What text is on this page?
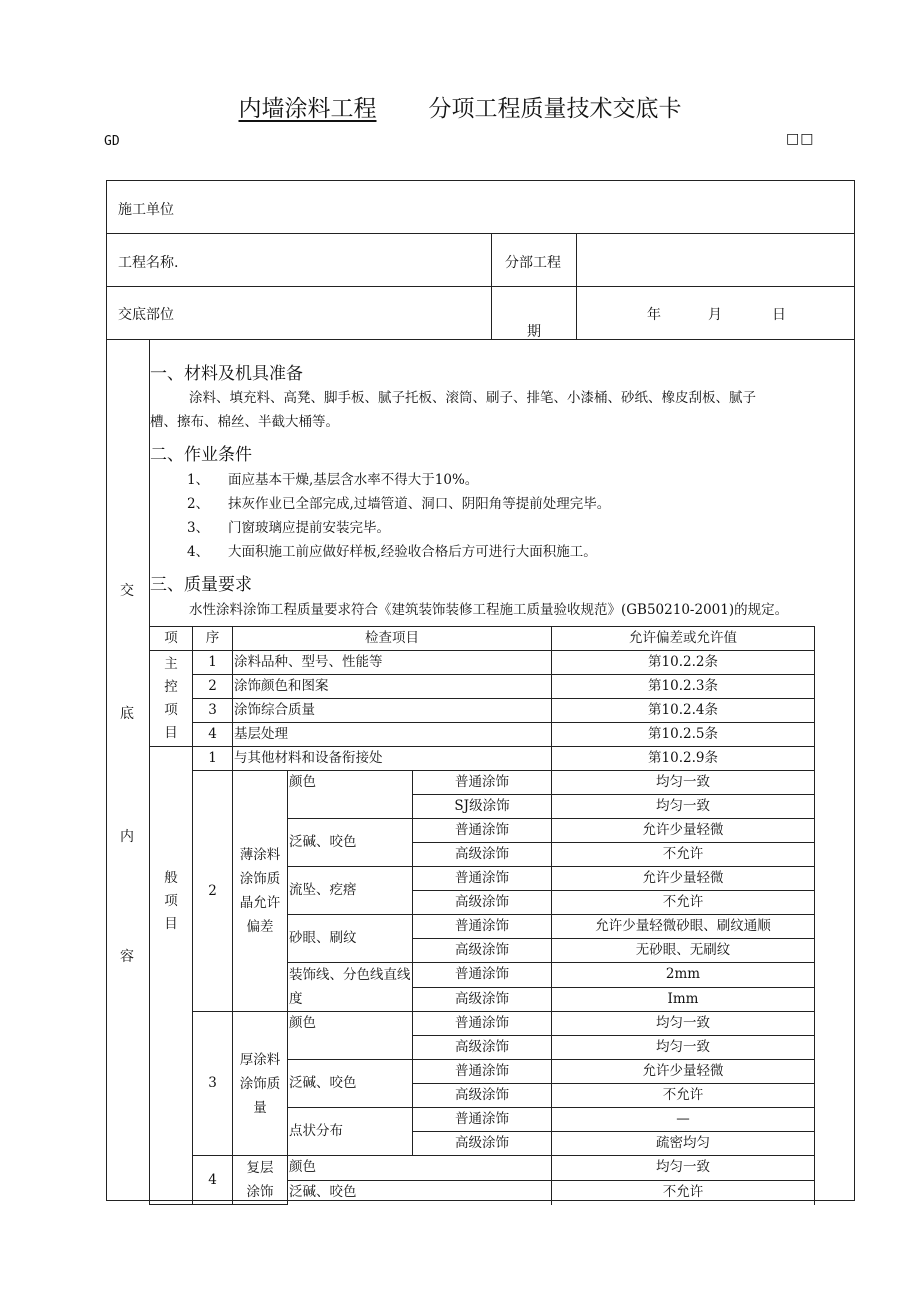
内墙涂料工程 分项工程质量技术交底卡
GD	□□
施工单位
工程名称.	分部工程
交底部位
期
年	月	日
交
底
内
容
一、材料及机具准备
涂料、填充料、高凳、脚手板、腻子托板、滚筒、刷子、排笔、小漆桶、砂纸、橡皮刮板、腻子
槽、擦布、棉丝、半截大桶等。
二、作业条件
1、 面应基本干燥,基层含水率不得大于10%。
2、 抹灰作业已全部完成,过墙管道、洞口、阴阳角等提前处理完毕。
3、 门窗玻璃应提前安装完毕。
4、 大面积施工前应做好样板,经验收合格后方可进行大面积施工。
三、质量要求
水性涂料涂饰工程质量要求符合《建筑装饰装修工程施工质量验收规范》(GB50210-2001)的规定。
项	序	检查项目			允许偏差或允许值
主控项目	1	涂料品种、型号、性能等			第10.2.2条
	2	涂饰颜色和图案			第10.2.3条
	3	涂饰综合质量			第10.2.4条
	4	基层处理			第10.2.5条
般项目	1	与其他材料和设备衔接处			第10.2.9条
	2	薄涂料涂饰质晶允许偏差	颜色	普通涂饰	均匀一致
				SJ级涂饰	均匀一致
			泛碱、咬色	普通涂饰	允许少量轻微
				高级涂饰	不允许
			流坠、疙瘩	普通涂饰	允许少量轻微
				高级涂饰	不允许
			砂眼、刷纹	普通涂饰	允许少量轻微砂眼、刷纹通顺
				高级涂饰	无砂眼、无刷纹
			装饰线、分色线直线度	普通涂饰	2mm
				高级涂饰	Imm
	3	厚涂料涂饰质量	颜色	普通涂饰	均匀一致
				高级涂饰	均匀一致
			泛碱、咬色	普通涂饰	允许少量轻微
				高级涂饰	不允许
			点状分布	普通涂饰	—
				高级涂饰	疏密均匀
	4	复层涂饰	颜色		均匀一致
			泛碱、咬色		不允许
